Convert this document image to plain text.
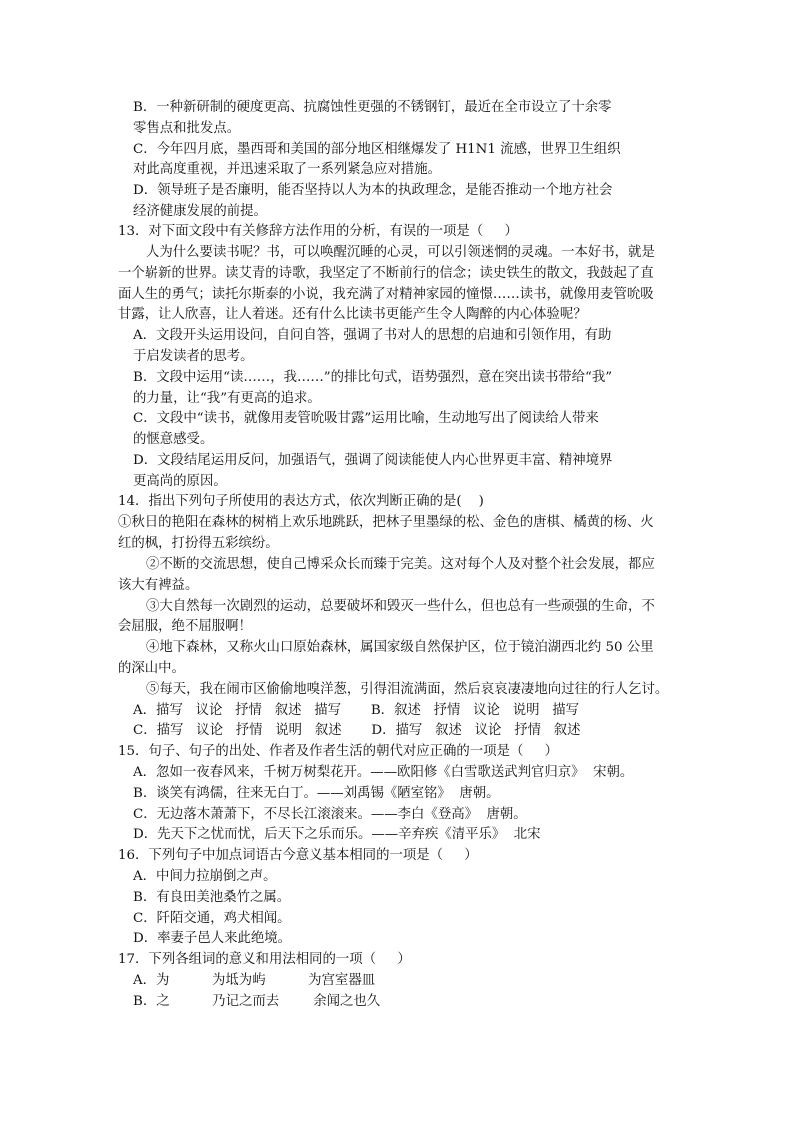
B．一种新研制的硬度更高、抗腐蚀性更强的不锈钢钉，最近在全市设立了十余零
零售点和批发点。
C．今年四月底，墨西哥和美国的部分地区相继爆发了 H1N1 流感，世界卫生组织
对此高度重视，并迅速采取了一系列紧急应对措施。
D．领导班子是否廉明，能否坚持以人为本的执政理念，是能否推动一个地方社会
经济健康发展的前提。
13．对下面文段中有关修辞方法作用的分析，有误的一项是（     ）
人为什么要读书呢？书，可以唤醒沉睡的心灵，可以引领迷惘的灵魂。一本好书，就是
一个崭新的世界。读艾青的诗歌，我坚定了不断前行的信念；读史铁生的散文，我鼓起了直
面人生的勇气；读托尔斯泰的小说，我充满了对精神家园的憧憬……读书，就像用麦管吮吸
甘露，让人欣喜，让人着迷。还有什么比读书更能产生令人陶醉的内心体验呢？
A．文段开头运用设问，自问自答，强调了书对人的思想的启迪和引领作用，有助
于启发读者的思考。
B．文段中运用“读……，我……”的排比句式，语势强烈，意在突出读书带给“我”
的力量，让“我”有更高的追求。
C．文段中“读书，就像用麦管吮吸甘露”运用比喻，生动地写出了阅读给人带来
的惬意感受。
D．文段结尾运用反问，加强语气，强调了阅读能使人内心世界更丰富、精神境界
更高尚的原因。
14．指出下列句子所使用的表达方式，依次判断正确的是(    )
①秋日的艳阳在森林的树梢上欢乐地跳跃，把林子里墨绿的松、金色的唐棋、橘黄的杨、火
红的枫，打扮得五彩缤纷。
②不断的交流思想，使自己博采众长而臻于完美。这对每个人及对整个社会发展，都应
该大有裨益。
③大自然每一次剧烈的运动，总要破坏和毁灭一些什么，但也总有一些顽强的生命，不
会屈服，绝不屈服啊！
④地下森林，又称火山口原始森林，属国家级自然保护区，位于镜泊湖西北约 50 公里
的深山中。
⑤每天，我在闹市区偷偷地嗅洋葱，引得泪流满面，然后哀哀凄凄地向过往的行人乞讨。
A．描写   议论   抒情   叙述   描写       B．叙述   抒情   议论   说明   描写
C．描写   议论   抒情   说明   叙述       D．描写   叙述   议论   抒情   叙述
15．句子、句子的出处、作者及作者生活的朝代对应正确的一项是（     ）
A．忽如一夜春风来，千树万树梨花开。——欧阳修《白雪歌送武判官归京》  宋朝。
B．谈笑有鸿儒，往来无白丁。——刘禹锡《陋室铭》  唐朝。
C．无边落木萧萧下，不尽长江滚滚来。——李白《登高》  唐朝。
D．先天下之忧而忧，后天下之乐而乐。——辛弃疾《清平乐》  北宋
16．下列句子中加点词语古今意义基本相同的一项是（     ）
A．中间力拉崩倒之声。
B．有良田美池桑竹之属。
C．阡陌交通，鸡犬相闻。
D．率妻子邑人来此绝境。
17．下列各组词的意义和用法相同的一项（     ）
A．为          为坻为屿          为宫室器皿
B．之          乃记之而去        余闻之也久
